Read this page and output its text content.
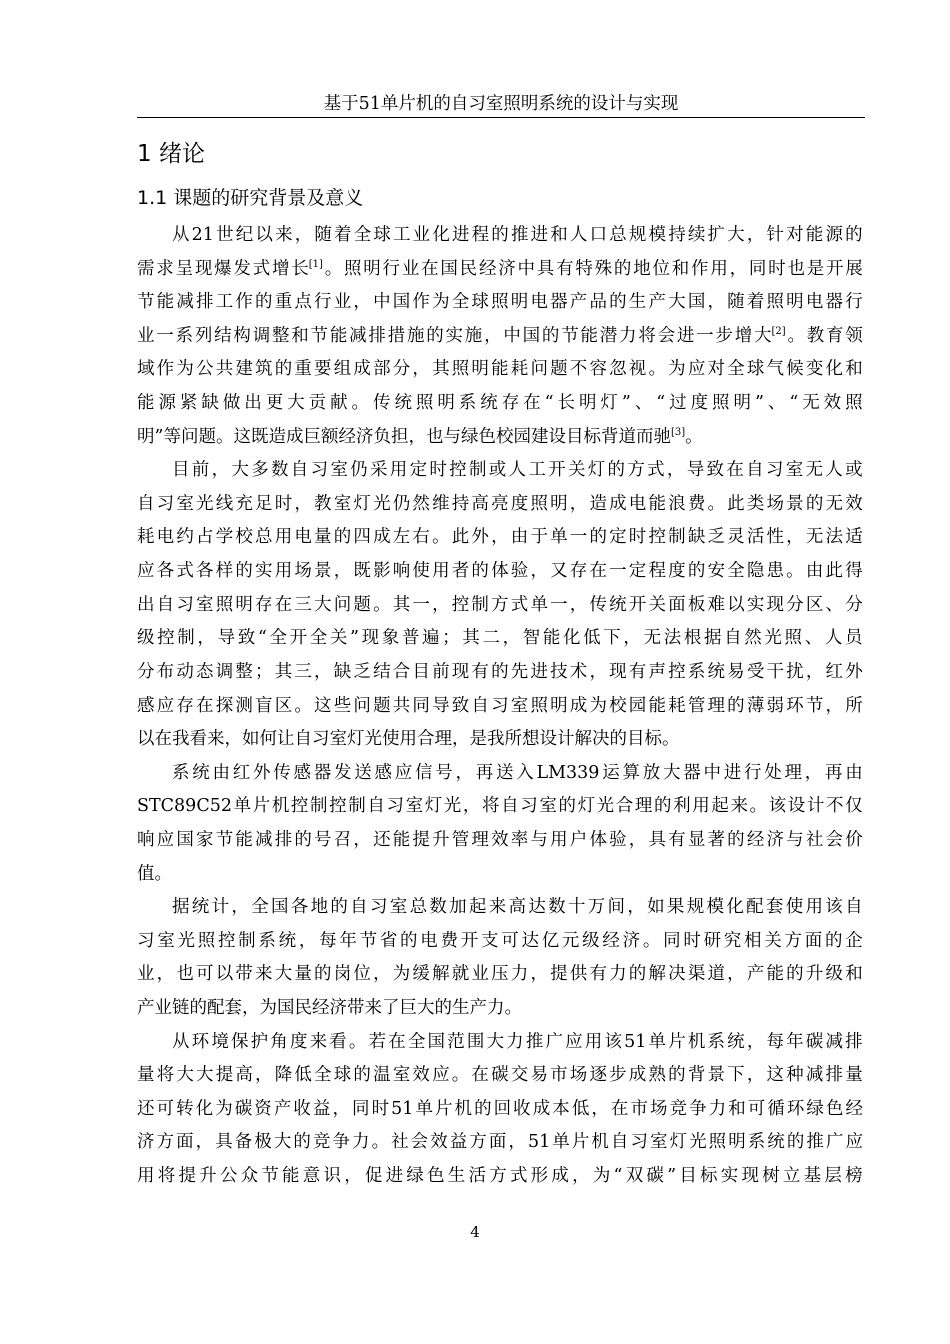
基于51单片机的自习室照明系统的设计与实现
1 绪论
1.1 课题的研究背景及意义
从 21 世 纪 以 来 ， 随 着 全 球 工 业 化 进 程 的 推 进 和 人 口 总 规 模 持 续 扩 大 ， 针 对 能 源 的
需 求 呈 现 爆 发 式 增 长[1] 。 照 明 行 业 在 国 民 经 济 中 具 有 特 殊 的 地 位 和 作 用 ， 同 时 也 是 开 展
节 能 减 排 工 作 的 重 点 行 业 ， 中 国 作 为 全 球 照 明 电 器 产 品 的 生 产 大 国 ， 随 着 照 明 电 器 行
业 一 系 列 结 构 调 整 和 节 能 减 排 措 施 的 实 施 ， 中 国 的 节 能 潜 力 将 会 进 一 步 增 大[2] 。 教 育 领
域 作 为 公 共 建 筑 的 重 要 组 成 部 分 ， 其 照 明 能 耗 问 题 不 容 忽 视 。 为 应 对 全 球 气 候 变 化 和
能 源 紧 缺 做 出 更 大 贡 献 。 传 统 照 明 系 统 存 在 “ 长 明 灯 ” 、 “ 过 度 照 明 ” 、 “ 无 效 照
明 ” 等 问 题 。 这 既 造 成 巨 额 经 济 负 担 ， 也 与 绿 色 校 园 建 设 目 标 背 道 而 驰[3] 。
目 前 ， 大 多 数 自 习 室 仍 采 用 定 时 控 制 或 人 工 开 关 灯 的 方 式 ， 导 致 在 自 习 室 无 人 或
自 习 室 光 线 充 足 时 ， 教 室 灯 光 仍 然 维 持 高 亮 度 照 明 ， 造 成 电 能 浪 费 。 此 类 场 景 的 无 效
耗 电 约 占 学 校 总 用 电 量 的 四 成 左 右 。 此 外 ， 由 于 单 一 的 定 时 控 制 缺 乏 灵 活 性 ， 无 法 适
应 各 式 各 样 的 实 用 场 景 ， 既 影 响 使 用 者 的 体 验 ， 又 存 在 一 定 程 度 的 安 全 隐 患 。 由 此 得
出 自 习 室 照 明 存 在 三 大 问 题 。 其 一 ， 控 制 方 式 单 一 ， 传 统 开 关 面 板 难 以 实 现 分 区 、 分
级 控 制 ， 导 致 “ 全 开 全 关 ” 现 象 普 遍 ； 其 二 ， 智 能 化 低 下 ， 无 法 根 据 自 然 光 照 、 人 员
分 布 动 态 调 整 ； 其 三 ， 缺 乏 结 合 目 前 现 有 的 先 进 技 术 ， 现 有 声 控 系 统 易 受 干 扰 ， 红 外
感 应 存 在 探 测 盲 区 。 这 些 问 题 共 同 导 致 自 习 室 照 明 成 为 校 园 能 耗 管 理 的 薄 弱 环 节 ， 所
以 在 我 看 来 ， 如 何 让 自 习 室 灯 光 使 用 合 理 ， 是 我 所 想 设 计 解 决 的 目 标 。
系 统 由 红 外 传 感 器 发 送 感 应 信 号 ， 再 送 入 LM339 运 算 放 大 器 中 进 行 处 理 ， 再 由
STC89C52 单 片 机 控 制 控 制 自 习 室 灯 光 ， 将 自 习 室 的 灯 光 合 理 的 利 用 起 来 。 该 设 计 不 仅
响 应 国 家 节 能 减 排 的 号 召 ， 还 能 提 升 管 理 效 率 与 用 户 体 验 ， 具 有 显 著 的 经 济 与 社 会 价
值 。
据 统 计 ， 全 国 各 地 的 自 习 室 总 数 加 起 来 高 达 数 十 万 间 ， 如 果 规 模 化 配 套 使 用 该 自
习 室 光 照 控 制 系 统 ， 每 年 节 省 的 电 费 开 支 可 达 亿 元 级 经 济 。 同 时 研 究 相 关 方 面 的 企
业 ， 也 可 以 带 来 大 量 的 岗 位 ， 为 缓 解 就 业 压 力 ， 提 供 有 力 的 解 决 渠 道 ， 产 能 的 升 级 和
产 业 链 的 配 套 ， 为 国 民 经 济 带 来 了 巨 大 的 生 产 力 。
从 环 境 保 护 角 度 来 看 。 若 在 全 国 范 围 大 力 推 广 应 用 该 51 单 片 机 系 统 ， 每 年 碳 减 排
量 将 大 大 提 高 ， 降 低 全 球 的 温 室 效 应 。 在 碳 交 易 市 场 逐 步 成 熟 的 背 景 下 ， 这 种 减 排 量
还 可 转 化 为 碳 资 产 收 益 ， 同 时 51 单 片 机 的 回 收 成 本 低 ， 在 市 场 竞 争 力 和 可 循 环 绿 色 经
济 方 面 ， 具 备 极 大 的 竞 争 力 。 社 会 效 益 方 面 ， 51 单 片 机 自 习 室 灯 光 照 明 系 统 的 推 广 应
用 将 提 升 公 众 节 能 意 识 ， 促 进 绿 色 生 活 方 式 形 成 ， 为 “ 双 碳 ” 目 标 实 现 树 立 基 层 榜
4
